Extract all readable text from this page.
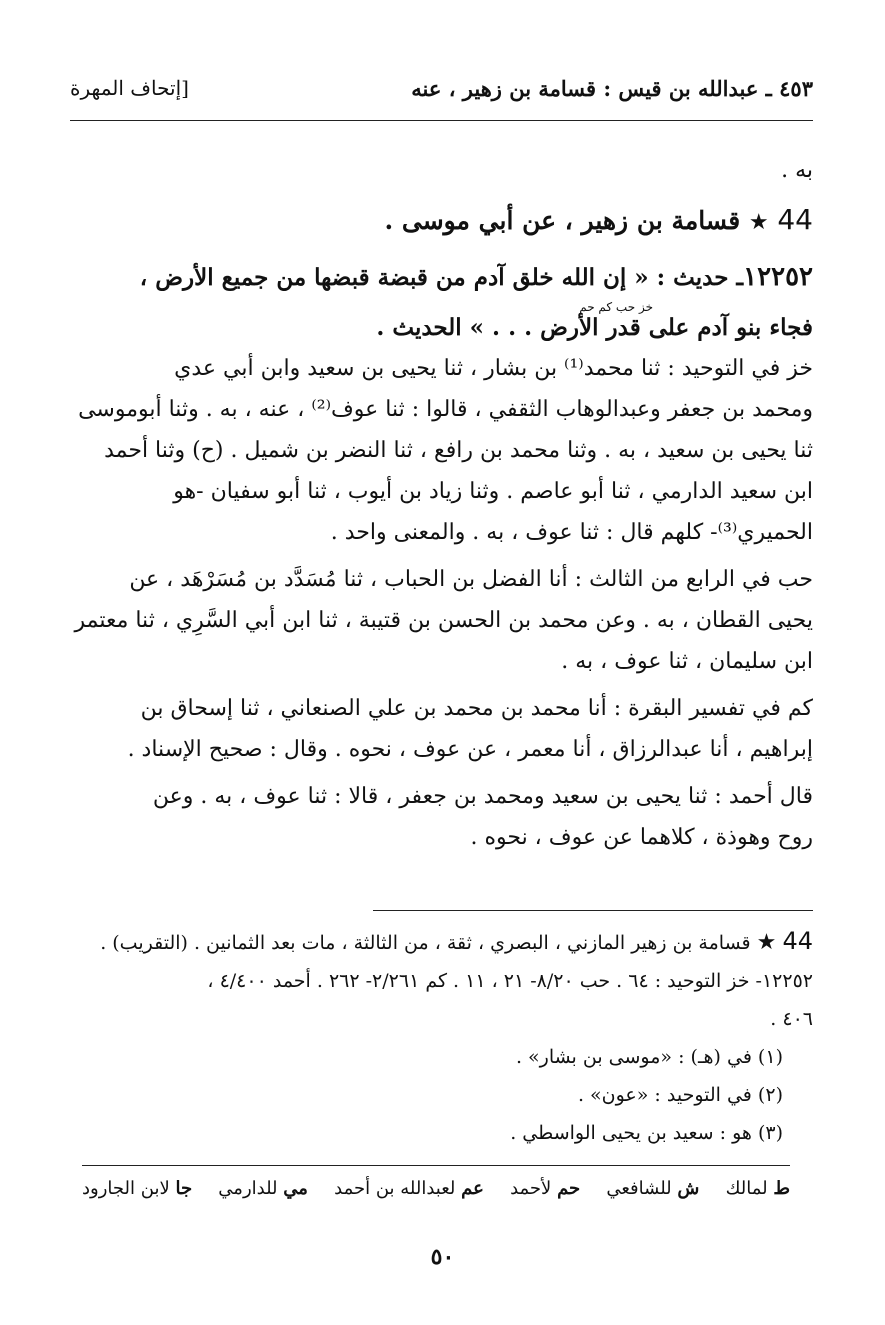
٤٥٣ ـ عبدالله بن قيس : قسامة بن زهير ، عنه
[إتحاف المهرة
به .
44 ★ قسامة بن زهير ، عن أبي موسى .
١٢٢٥٢ـ حديث : « إن الله خلق آدم من قبضة قبضها من جميع الأرض ،
خز حب كم حم
فجاء بنو آدم على قدر الأرض . . . » الحديث .
خز في التوحيد : ثنا محمد⁽¹⁾ بن بشار ، ثنا يحيى بن سعيد وابن أبي عدي
ومحمد بن جعفر وعبدالوهاب الثقفي ، قالوا : ثنا عوف⁽²⁾ ، عنه ، به . وثنا أبوموسى
ثنا يحيى بن سعيد ، به . وثنا محمد بن رافع ، ثنا النضر بن شميل . (ح) وثنا أحمد
ابن سعيد الدارمي ، ثنا أبو عاصم . وثنا زياد بن أيوب ، ثنا أبو سفيان -هو
الحميري⁽³⁾- كلهم قال : ثنا عوف ، به . والمعنى واحد .
حب في الرابع من الثالث : أنا الفضل بن الحباب ، ثنا مُسَدَّد بن مُسَرْهَد ، عن
يحيى القطان ، به . وعن محمد بن الحسن بن قتيبة ، ثنا ابن أبي السَّرِي ، ثنا معتمر
ابن سليمان ، ثنا عوف ، به .
كم في تفسير البقرة : أنا محمد بن محمد بن علي الصنعاني ، ثنا إسحاق بن
إبراهيم ، أنا عبدالرزاق ، أنا معمر ، عن عوف ، نحوه . وقال : صحيح الإسناد .
قال أحمد : ثنا يحيى بن سعيد ومحمد بن جعفر ، قالا : ثنا عوف ، به . وعن
روح وهوذة ، كلاهما عن عوف ، نحوه .
44 ★ قسامة بن زهير المازني ، البصري ، ثقة ، من الثالثة ، مات بعد الثمانين . (التقريب) .
١٢٢٥٢- خز التوحيد : ٦٤ . حب ٨/٢٠- ٢١ ، ١١ . كم ٢/٢٦١- ٢٦٢ . أحمد ٤/٤٠٠ ،
٤٠٦ .
(١) في (هـ) : «موسى بن بشار» .
(٢) في التوحيد : «عون» .
(٣) هو : سعيد بن يحيى الواسطي .
ط لمالك
ش للشافعي
حم لأحمد
عم لعبدالله بن أحمد
مي للدارمي
جا لابن الجارود
٥٠
